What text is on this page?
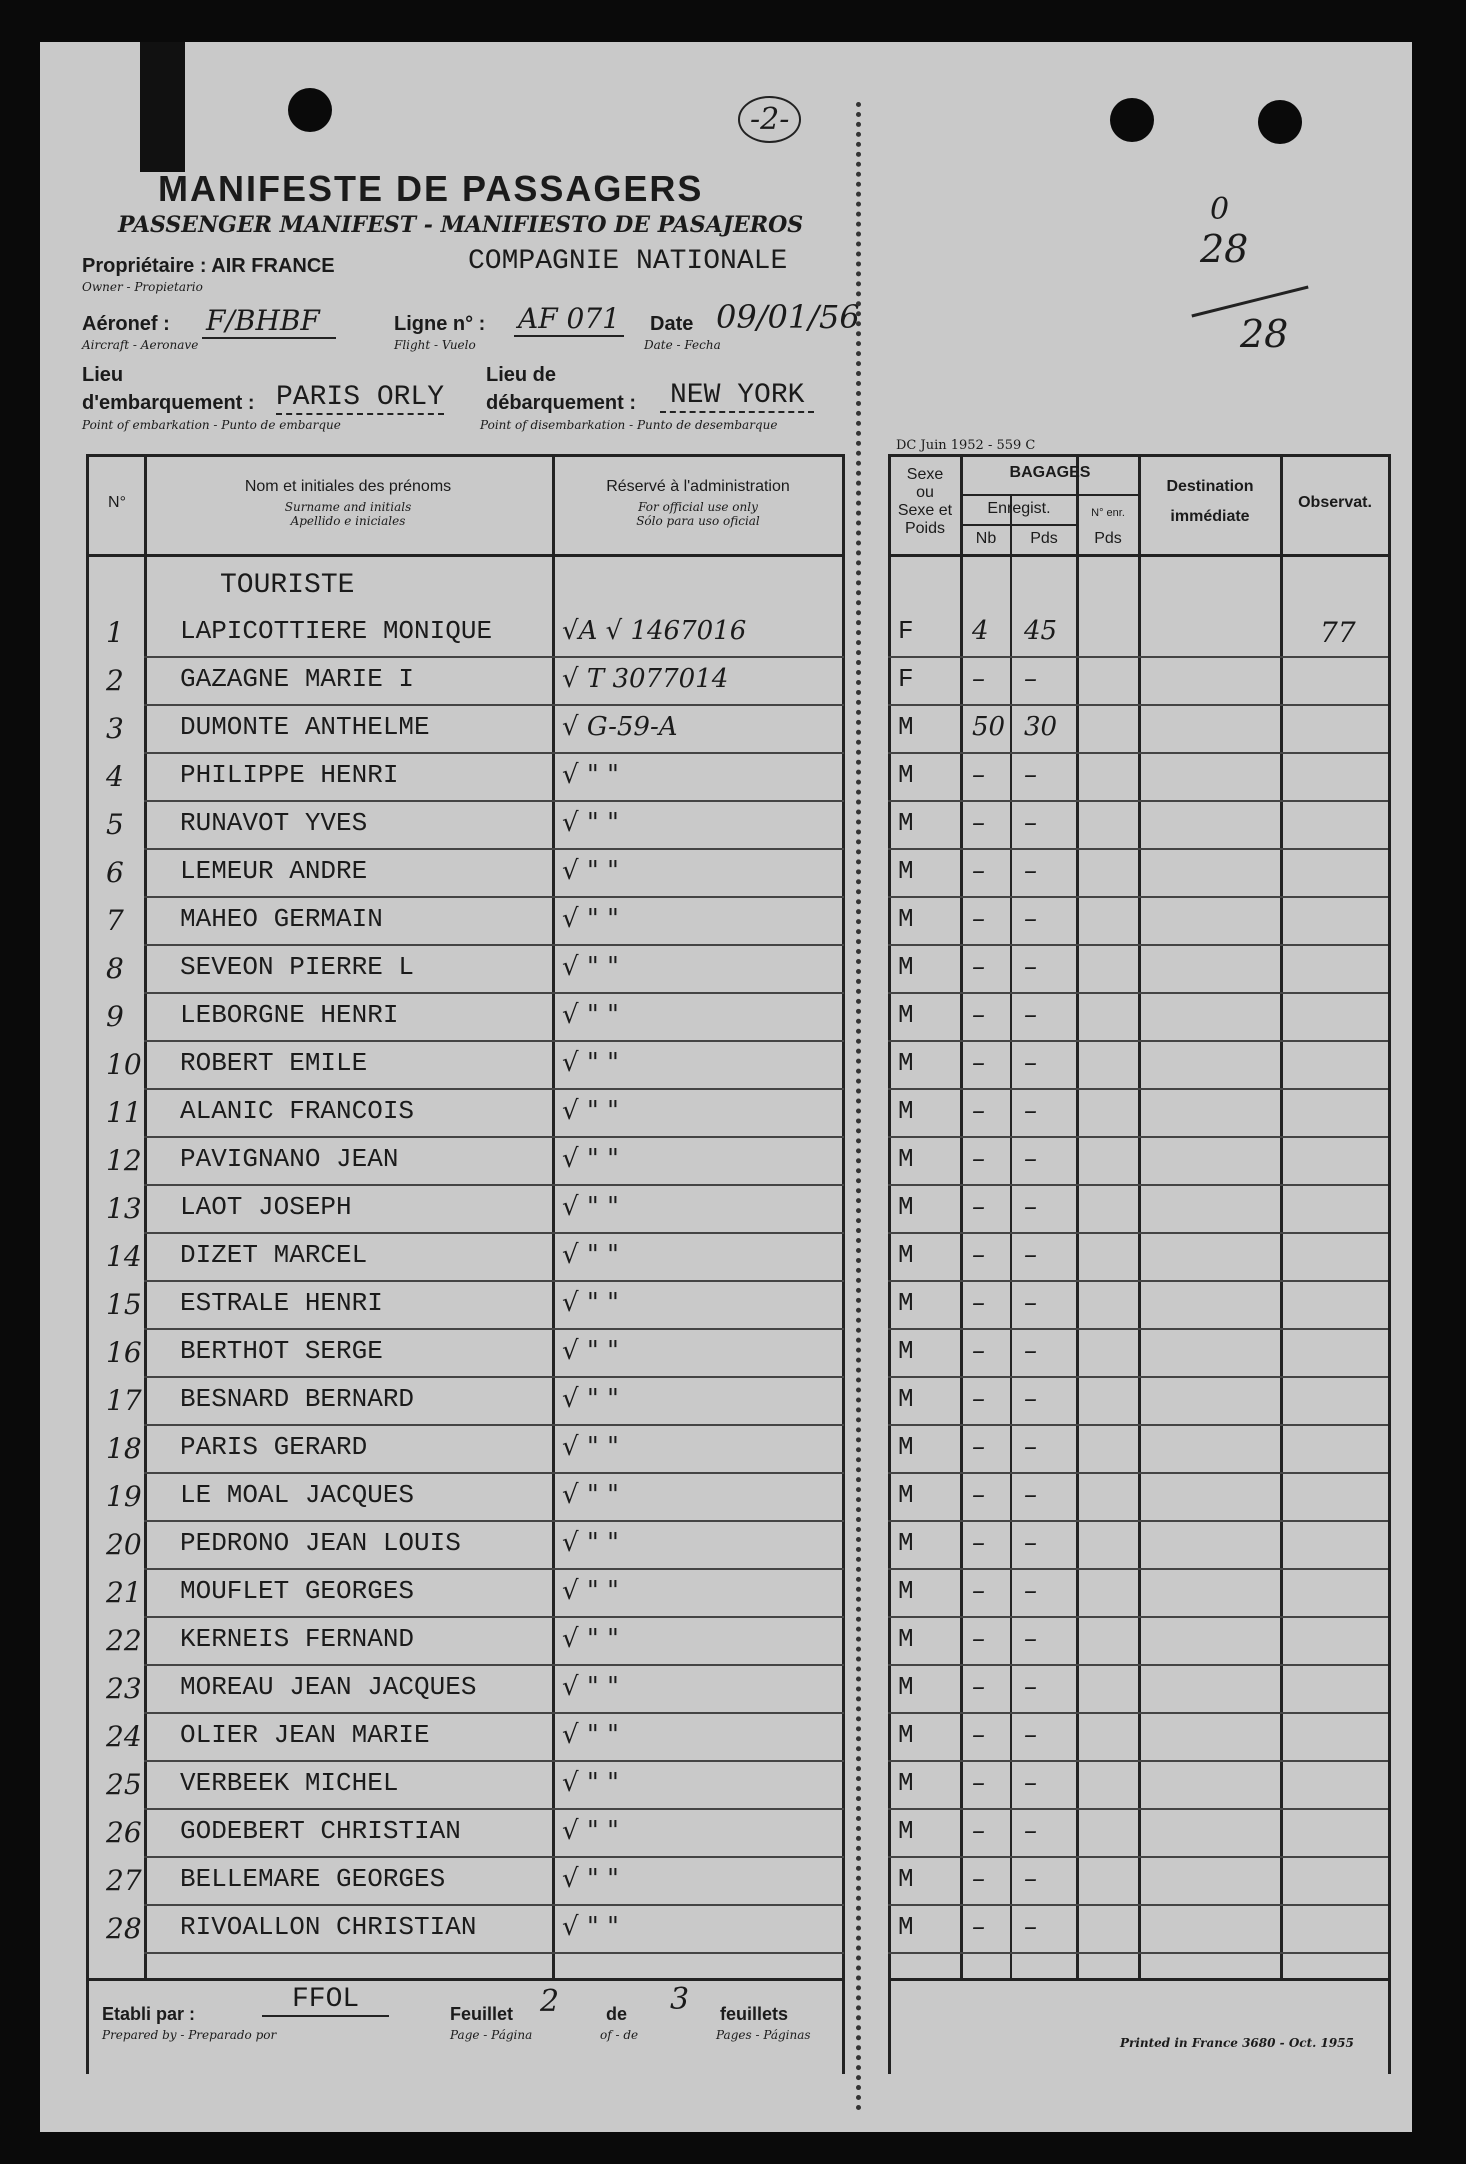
-2-
0
28
28
MANIFESTE DE PASSAGERS
PASSENGER MANIFEST - MANIFIESTO DE PASAJEROS
Propriétaire : AIR FRANCE	COMPAGNIE NATIONALE
Owner - Propietario
Aéronef : F/BHBF
Aircraft - Aeronave
Ligne n° : AF 071
Flight - Vuelo
Date 09/01/56
Date - Fecha
Lieu
d'embarquement : PARIS ORLY
Point of embarkation - Punto de embarque
Lieu de
débarquement :	NEW YORK
Point of disembarkation - Punto de desembarque
DC Juin 1952 - 559 C
N°
Nom et initiales des prénoms
Surname and initials
Apellido e iniciales
Réservé à l'administration
For official use only
Sólo para uso oficial
Sexe
ou
Sexe et
Poids
BAGAGES
Enregist.
Nb	Pds
N° enr.
Pds
Destination
immédiate
Observat.
TOURISTE
1 LAPICOTTIERE MONIQUE	√A √ 1467016	F 4 45	77
2 GAZAGNE MARIE I	√ T 3077014	F – –
3 DUMONTE ANTHELME	√ G-59-A	M 50 30
4 PHILIPPE HENRI	√ " "	M – –
5 RUNAVOT YVES	√ " "	M – –
6 LEMEUR ANDRE	√ " "	M – –
7 MAHEO GERMAIN	√ " "	M – –
8 SEVEON PIERRE L	√ " "	M – –
9 LEBORGNE HENRI	√ " "	M – –
10 ROBERT EMILE	√ " "	M – –
11 ALANIC FRANCOIS	√ " "	M – –
12 PAVIGNANO JEAN	√ " "	M – –
13 LAOT JOSEPH	√ " "	M – –
14 DIZET MARCEL	√ " "	M – –
15 ESTRALE HENRI	√ " "	M – –
16 BERTHOT SERGE	√ " "	M – –
17 BESNARD BERNARD	√ " "	M – –
18 PARIS GERARD	√ " "	M – –
19 LE MOAL JACQUES	√ " "	M – –
20 PEDRONO JEAN LOUIS	√ " "	M – –
21 MOUFLET GEORGES	√ " "	M – –
22 KERNEIS FERNAND	√ " "	M – –
23 MOREAU JEAN JACQUES	√ " "	M – –
24 OLIER JEAN MARIE	√ " "	M – –
25 VERBEEK MICHEL	√ " "	M – –
26 GODEBERT CHRISTIAN	√ " "	M – –
27 BELLEMARE GEORGES	√ " "	M – –
28 RIVOALLON CHRISTIAN	√ " "	M – –
Etabli par :	FFOL
Prepared by - Preparado por
Feuillet 2	de 3 feuillets
Page - Página	of - de	Pages - Páginas
Printed in France 3680 - Oct. 1955
